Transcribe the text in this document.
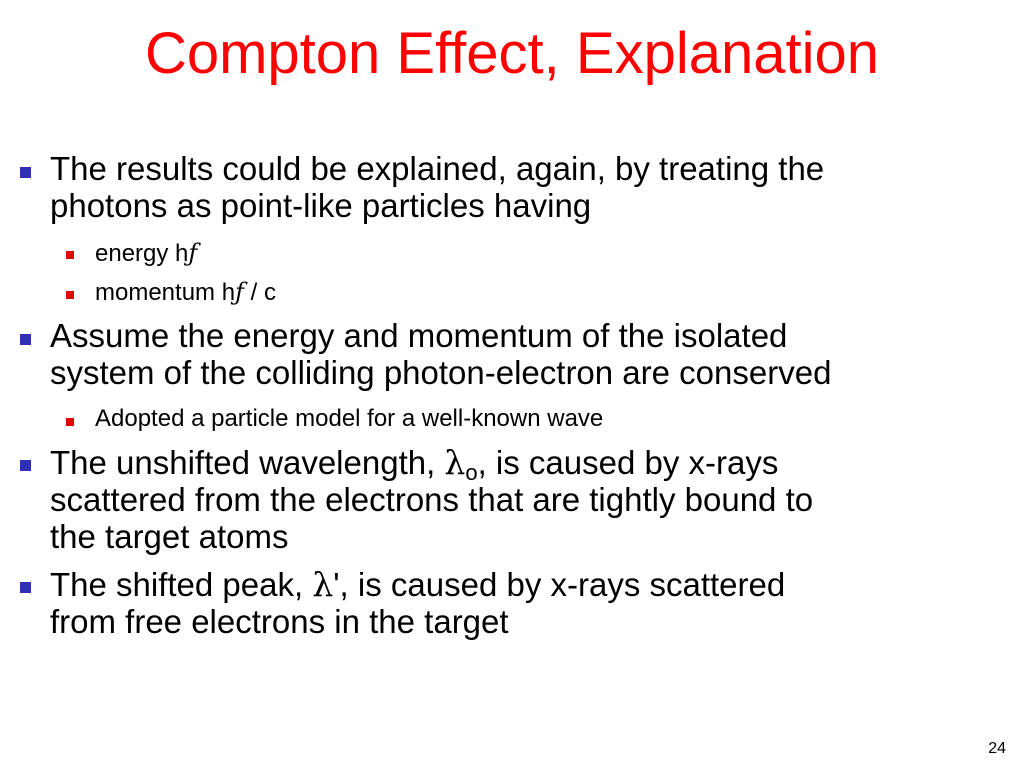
Compton Effect, Explanation
The results could be explained, again, by treating the
photons as point-like particles having
energy hƒ
momentum hƒ / c
Assume the energy and momentum of the isolated
system of the colliding photon-electron are conserved
Adopted a particle model for a well-known wave
The unshifted wavelength, $\lambda_o$, is caused by x-rays
scattered from the electrons that are tightly bound to
the target atoms
The shifted peak, λ', is caused by x-rays scattered
from free electrons in the target
24
